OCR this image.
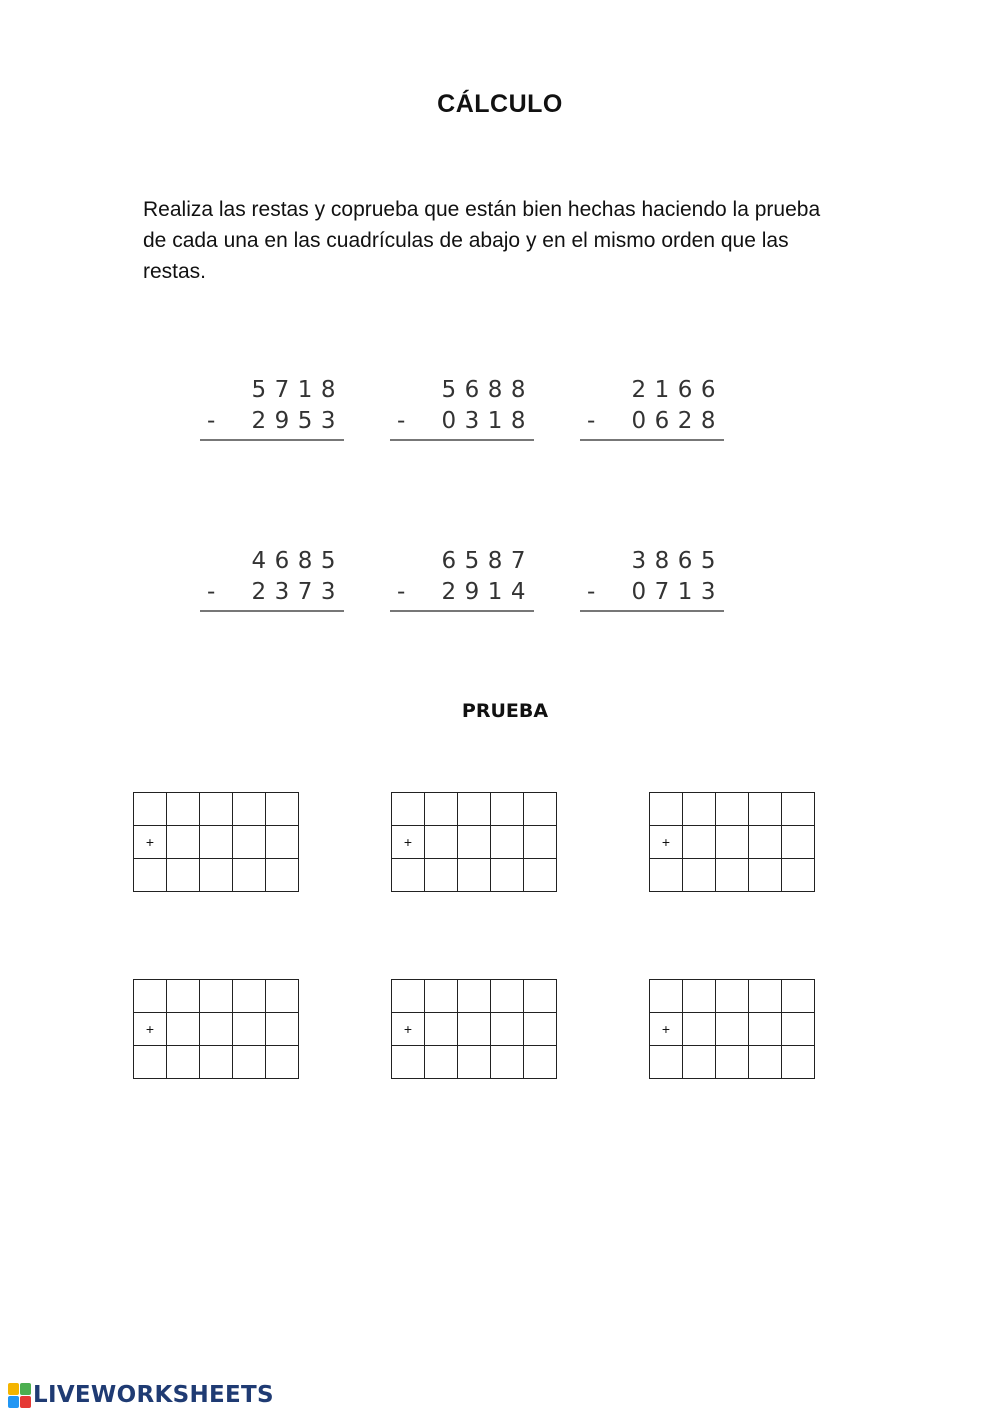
CÁLCULO
Realiza las restas y coprueba que están bien hechas haciendo la prueba de cada una en las cuadrículas de abajo y en el mismo orden que las restas.
5718
- 2953
5688
- 0318
2166
- 0628
4685
- 2373
6587
- 2914
3865
- 0713
PRUEBA

+				

					+				

					+				

+				

					+				

					+				

LIVEWORKSHEETS
